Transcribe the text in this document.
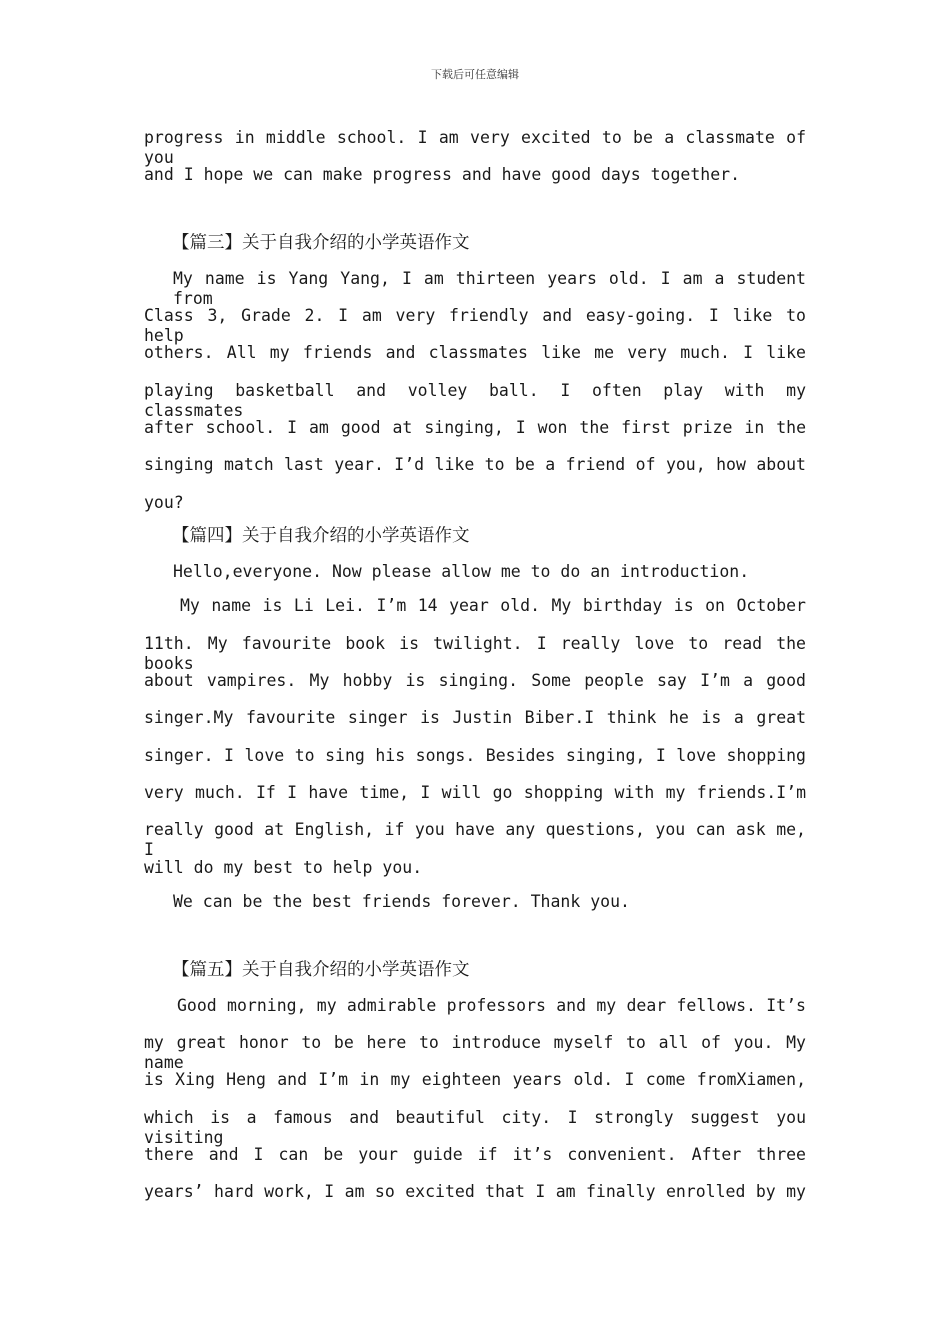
下载后可任意编辑
progress in middle school. I am very excited to be a classmate of you
and I hope we can make progress and have good days together.
【篇三】关于自我介绍的小学英语作文
My name is Yang Yang, I am thirteen years old. I am a student from
Class 3, Grade 2. I am very friendly and easy-going. I like to help
others. All my friends and classmates like me very much. I like
playing basketball and volley ball. I often play with my classmates
after school. I am good at singing, I won the first prize in the
singing match last year. I’d like to be a friend of you, how about
you?
【篇四】关于自我介绍的小学英语作文
Hello,everyone. Now please allow me to do an introduction.
My name is Li Lei. I’m 14 year old. My birthday is on October
11th. My favourite book is twilight. I really love to read the books
about vampires. My hobby is singing. Some people say I’m a good
singer.My favourite singer is Justin Biber.I think he is a great
singer. I love to sing his songs. Besides singing, I love shopping
very much. If I have time, I will go shopping with my friends.I’m
really good at English, if you have any questions, you can ask me, I
will do my best to help you.
We can be the best friends forever. Thank you.
【篇五】关于自我介绍的小学英语作文
Good morning, my admirable professors and my dear fellows. It’s
my great honor to be here to introduce myself to all of you. My name
is Xing Heng and I’m in my eighteen years old. I come fromXiamen,
which is a famous and beautiful city. I strongly suggest you visiting
there and I can be your guide if it’s convenient. After three
years’ hard work, I am so excited that I am finally enrolled by my
